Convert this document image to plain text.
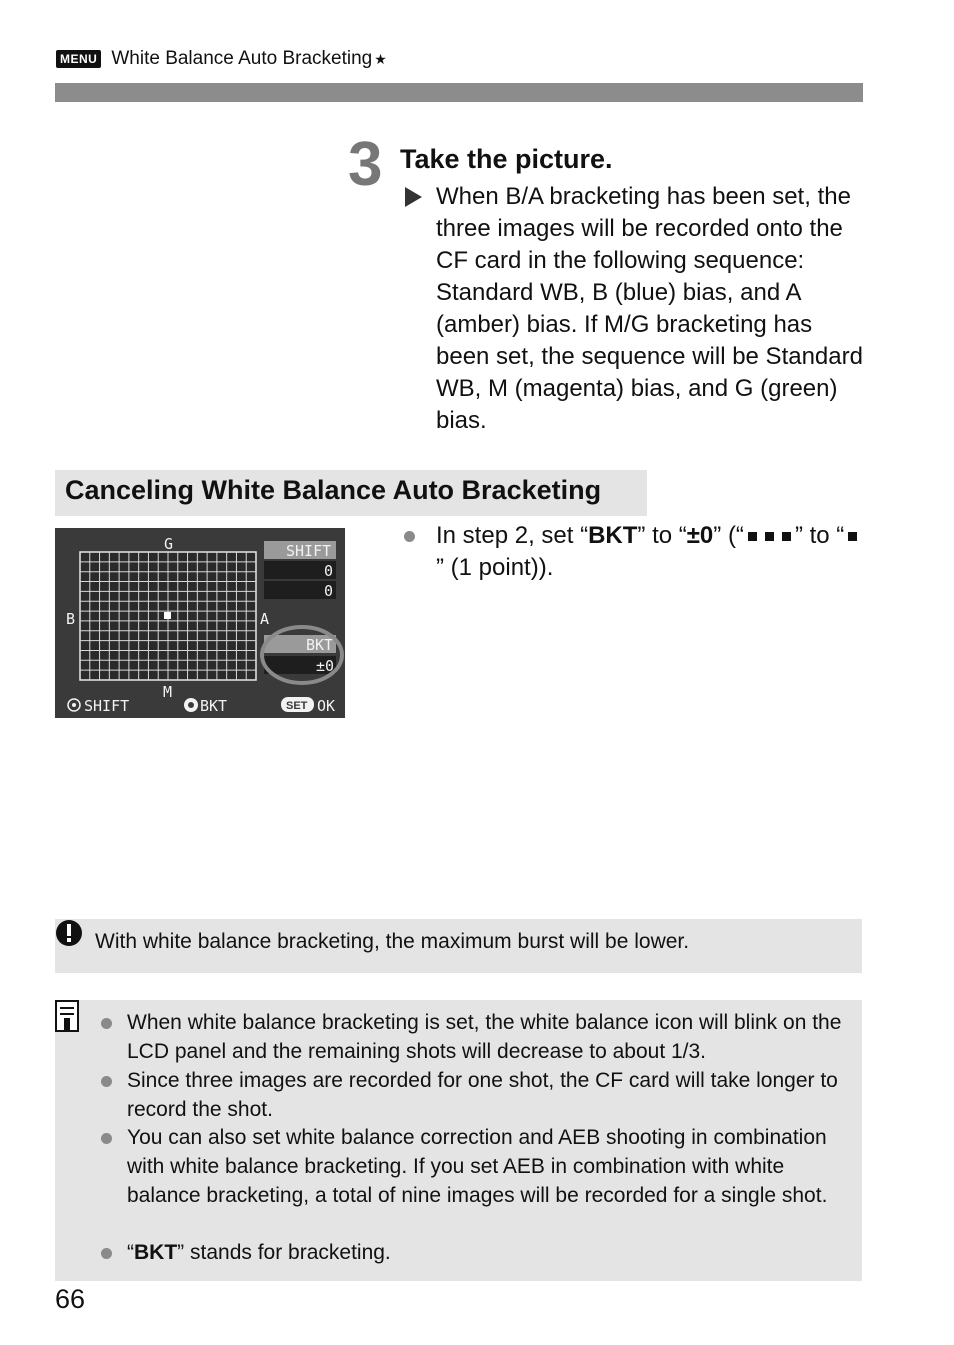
MENU White Balance Auto Bracketing ★
3 Take the picture.
When B/A bracketing has been set, the three images will be recorded onto the CF card in the following sequence: Standard WB, B (blue) bias, and A (amber) bias. If M/G bracketing has been set, the sequence will be Standard WB, M (magenta) bias, and G (green) bias.
Canceling White Balance Auto Bracketing
G
B	A
M
SHIFT
0
0
BKT
±0
SHIFT	BKT	SET OK
In step 2, set “BKT” to “±0” (“ ” to “” (1 point)).
With white balance bracketing, the maximum burst will be lower.
When white balance bracketing is set, the white balance icon will blink on the LCD panel and the remaining shots will decrease to about 1/3.
Since three images are recorded for one shot, the CF card will take longer to record the shot.
You can also set white balance correction and AEB shooting in combination with white balance bracketing. If you set AEB in combination with white balance bracketing, a total of nine images will be recorded for a single shot.
“BKT” stands for bracketing.
66
